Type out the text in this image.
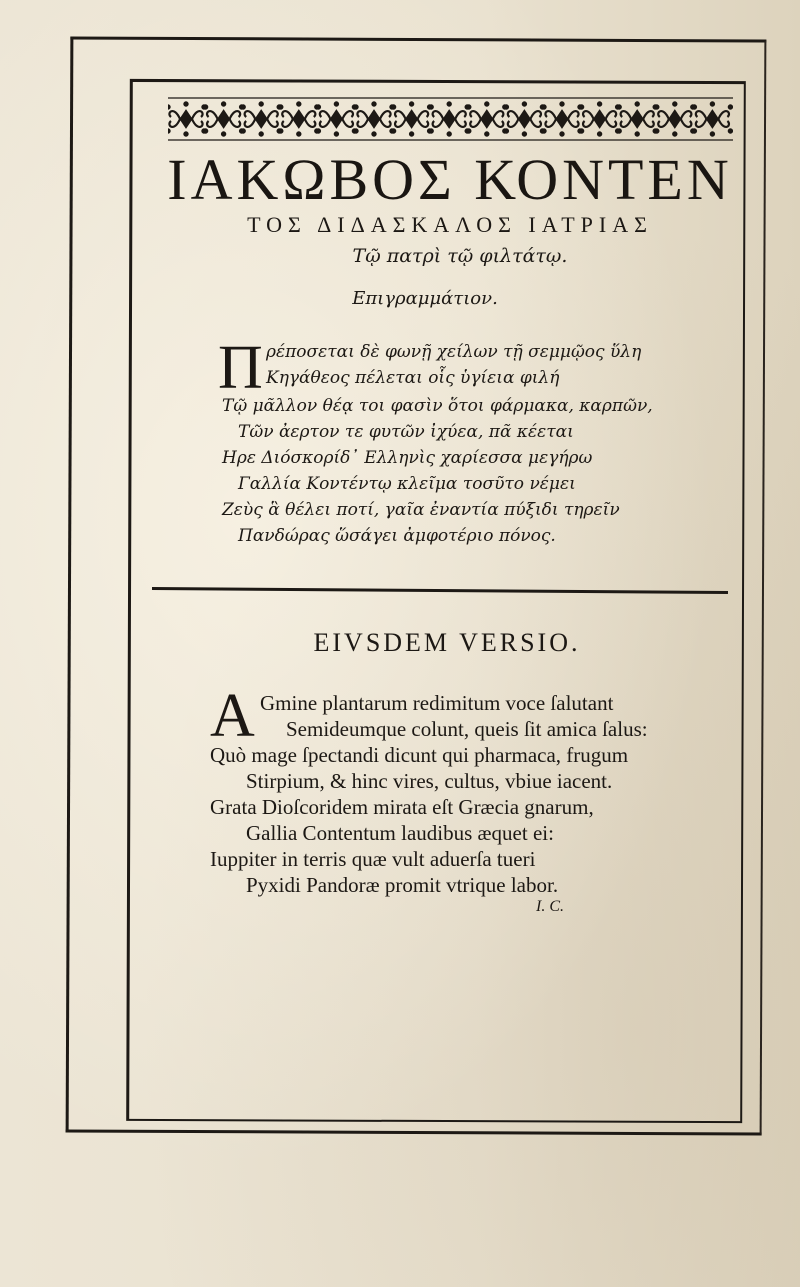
ΙΑΚΩΒΟΣ ΚΟΝΤΕΝ
ΤΟΣ ΔΙΔΑΣΚΑΛΟΣ ΙΑΤΡΙΑΣ
Τῷ πατρὶ τῷ φιλτάτῳ.
Επιγραμμάτιον.
Π ρέποσεται δὲ φωνῇ χείλων τῇ σεμμῷος ὕλη
Κηγάθεος πέλεται οἷς ὑγίεια φιλή
Τῷ μᾶλλον θέᾳ τοι φασὶν ὅτοι φάρμακα, καρπῶν,
Τῶν ἀερτον τε φυτῶν ἰχύεα, πᾶ κέεται
Ηρε Διόσκορίδ᾽ Ελληνὶς χαρίεσσα μεγήρω
Γαλλία Κοντέντῳ κλεῖμα τοσῦτο νέμει
Ζεὺς ἃ θέλει ποτί, γαῖα ἐναντία πύξιδι τηρεῖν
Πανδώρας ὥσάγει ἀμφοτέριο πόνος.
EIVSDEM VERSIO.
A Gmine plantarum redimitum voce ſalutant
Semideumque colunt, queis ſit amica ſalus:
Quò mage ſpectandi dicunt qui pharmaca, frugum
Stirpium, & hinc vires, cultus, vbiue iacent.
Grata Dioſcoridem mirata eſt Græcia gnarum,
Gallia Contentum laudibus æquet ei:
Iuppiter in terris quæ vult aduerſa tueri
Pyxidi Pandoræ promit vtrique labor.
I. C.
